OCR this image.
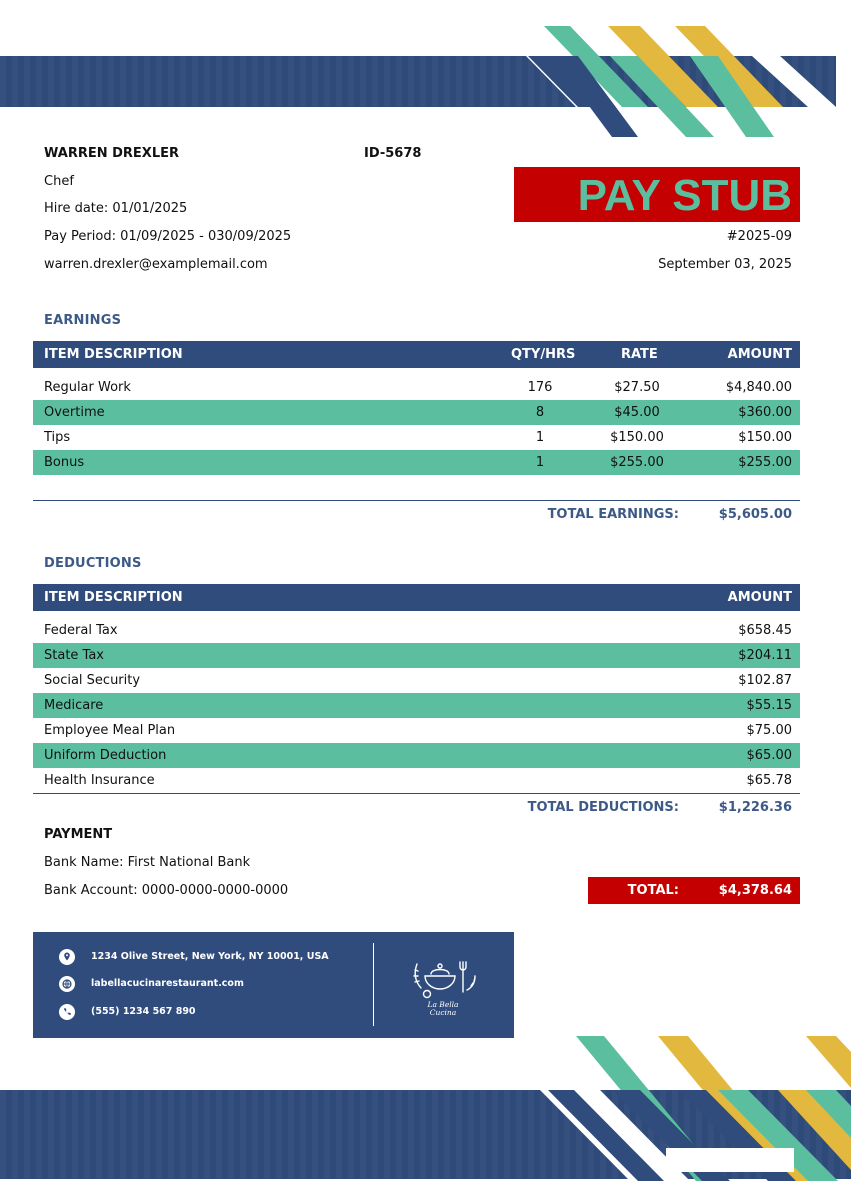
WARREN DREXLER	ID-5678
Chef
Hire date: 01/01/2025
Pay Period: 01/09/2025 - 030/09/2025
warren.drexler@examplemail.com
PAY STUB
#2025-09
September 03, 2025
EARNINGS
ITEM DESCRIPTION	QTY/HRS	RATE	AMOUNT
Regular Work	176	$27.50	$4,840.00
Overtime	8	$45.00	$360.00
Tips	1	$150.00	$150.00
Bonus	1	$255.00	$255.00
TOTAL EARNINGS:	$5,605.00
DEDUCTIONS
ITEM DESCRIPTION	AMOUNT
Federal Tax	$658.45
State Tax	$204.11
Social Security	$102.87
Medicare	$55.15
Employee Meal Plan	$75.00
Uniform Deduction	$65.00
Health Insurance	$65.78
TOTAL DEDUCTIONS:	$1,226.36
PAYMENT
Bank Name: First National Bank
Bank Account: 0000-0000-0000-0000	TOTAL:	$4,378.64
1234 Olive Street, New York, NY 10001, USA
labellacucinarestaurant.com
(555) 1234 567 890
La Bella
Cucina
